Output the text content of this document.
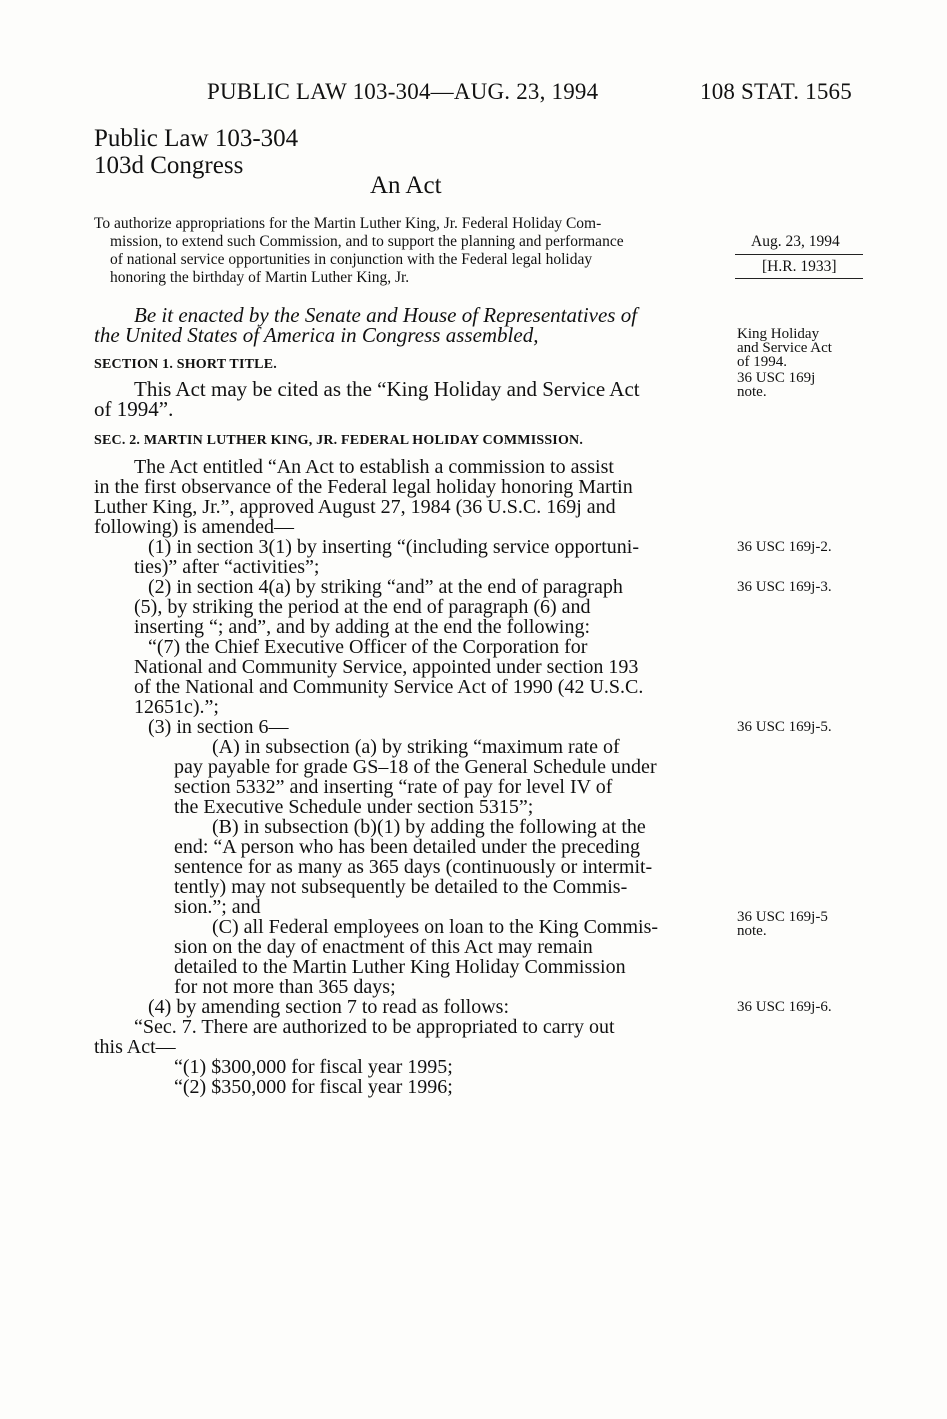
PUBLIC LAW 103-304—AUG. 23, 1994	108 STAT. 1565
Public Law 103-304
103d Congress
An Act
To authorize appropriations for the Martin Luther King, Jr. Federal Holiday Com-
mission, to extend such Commission, and to support the planning and performance
of national service opportunities in conjunction with the Federal legal holiday
honoring the birthday of Martin Luther King, Jr.
Aug. 23, 1994
[H.R. 1933]
Be it enacted by the Senate and House of Representatives of
the United States of America in Congress assembled,	King Holiday
and Service Act
of 1994.
36 USC 169j
note.
SECTION 1. SHORT TITLE.
This Act may be cited as the “King Holiday and Service Act
of 1994”.
SEC. 2. MARTIN LUTHER KING, JR. FEDERAL HOLIDAY COMMISSION.
The Act entitled “An Act to establish a commission to assist
in the first observance of the Federal legal holiday honoring Martin
Luther King, Jr.”, approved August 27, 1984 (36 U.S.C. 169j and
following) is amended—
(1) in section 3(1) by inserting “(including service opportuni-
ties)” after “activities”;
(2) in section 4(a) by striking “and” at the end of paragraph
(5), by striking the period at the end of paragraph (6) and
inserting “; and”, and by adding at the end the following:
“(7) the Chief Executive Officer of the Corporation for
National and Community Service, appointed under section 193
of the National and Community Service Act of 1990 (42 U.S.C.
12651c).”;
(3) in section 6—
(A) in subsection (a) by striking “maximum rate of
pay payable for grade GS–18 of the General Schedule under
section 5332” and inserting “rate of pay for level IV of
the Executive Schedule under section 5315”;
(B) in subsection (b)(1) by adding the following at the
end: “A person who has been detailed under the preceding
sentence for as many as 365 days (continuously or intermit-
tently) may not subsequently be detailed to the Commis-
sion.”; and
(C) all Federal employees on loan to the King Commis-
sion on the day of enactment of this Act may remain
detailed to the Martin Luther King Holiday Commission
for not more than 365 days;
(4) by amending section 7 to read as follows:
“Sec. 7. There are authorized to be appropriated to carry out
this Act—
“(1) $300,000 for fiscal year 1995;
“(2) $350,000 for fiscal year 1996;
36 USC 169j-2.
36 USC 169j-3.
36 USC 169j-5.
36 USC 169j-5
note.
36 USC 169j-6.
